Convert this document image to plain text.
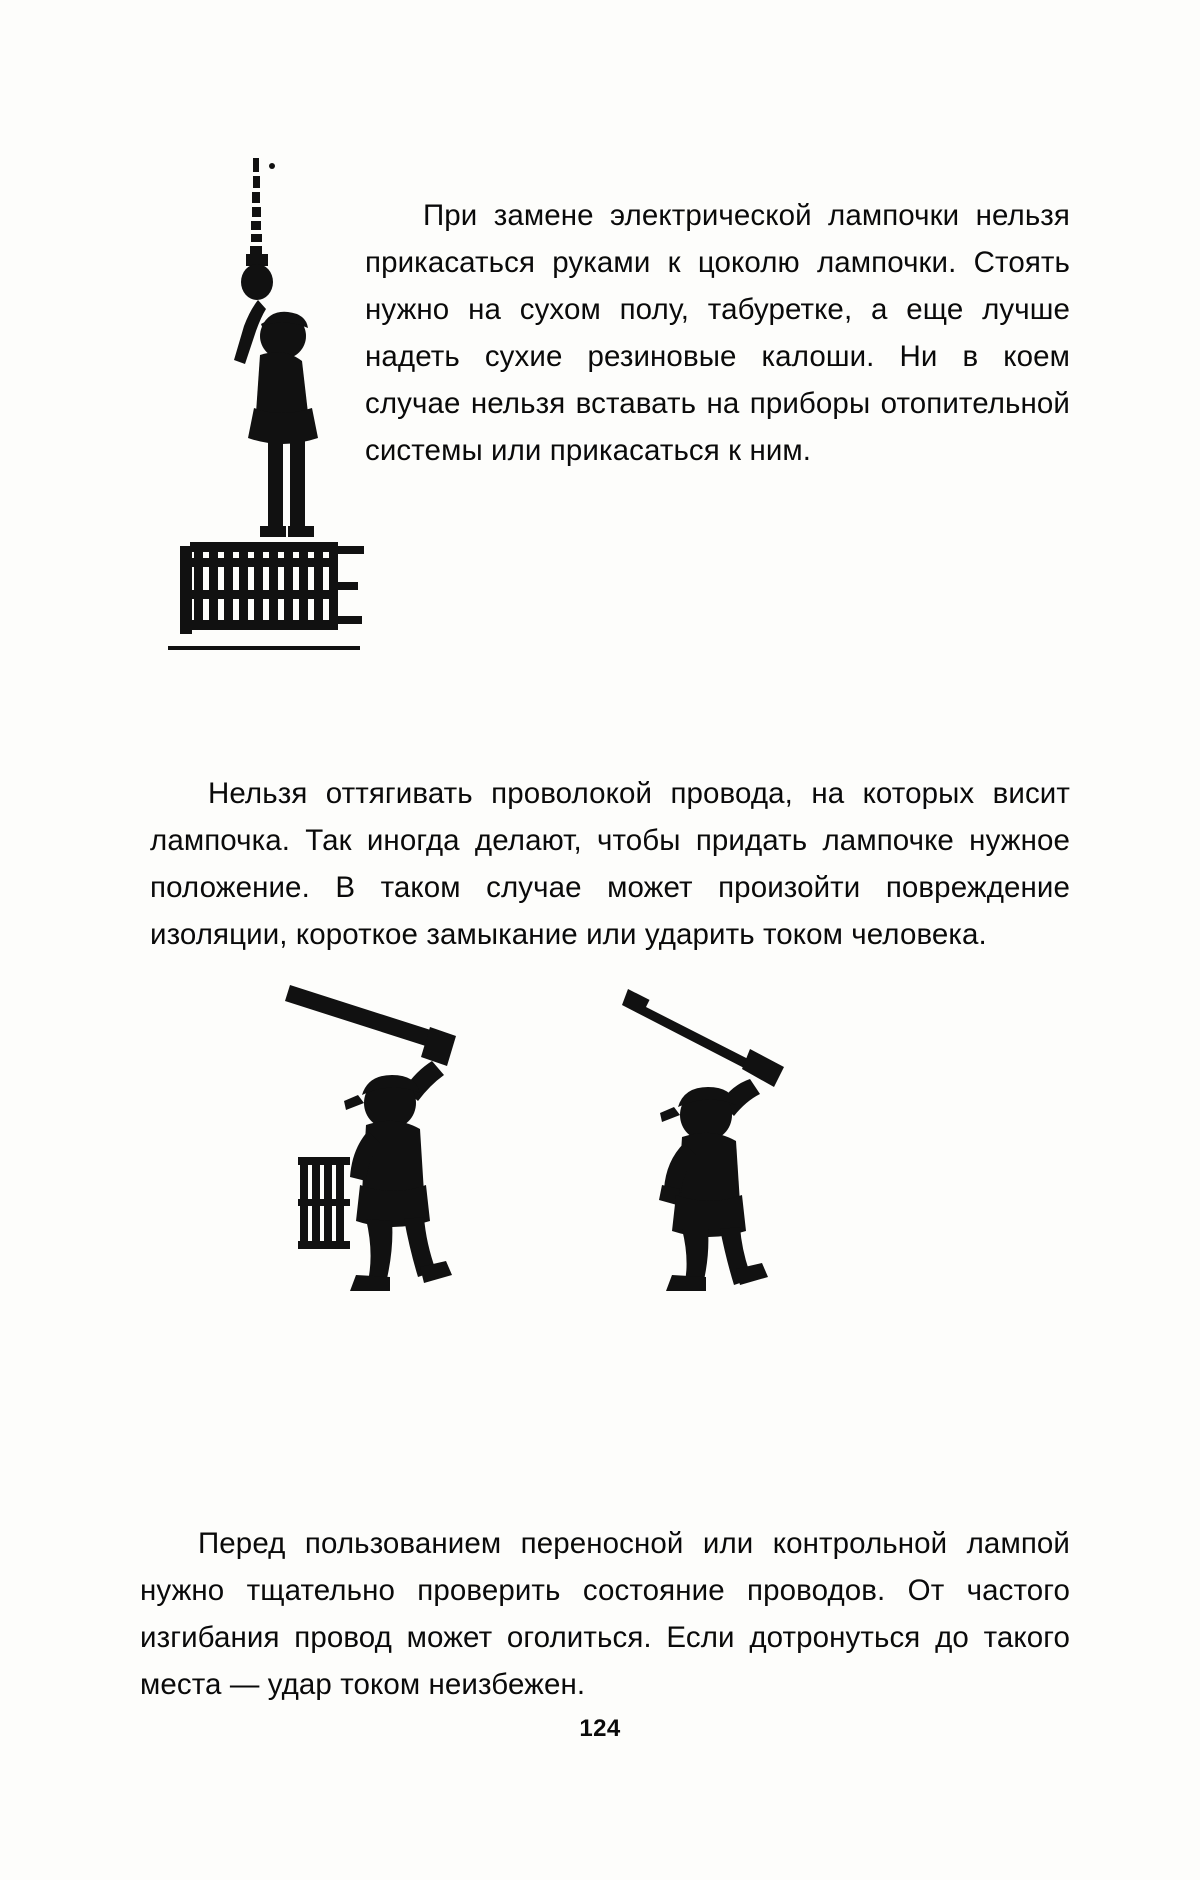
При замене электрической лампочки нельзя прикасаться руками к цоколю лампочки. Стоять нужно на сухом полу, табуретке, а еще лучше надеть сухие резиновые калоши. Ни в коем случае нельзя вставать на приборы отопительной системы или прикасаться к ним.

Нельзя оттягивать проволокой провода, на которых висит лампочка. Так иногда делают, чтобы придать лампочке нужное положение. В таком случае может произойти повреждение изоляции, короткое замыкание или ударить током человека.

Перед пользованием переносной или контрольной лампой нужно тщательно проверить состояние проводов. От частого изгибания провод может оголиться. Если дотронуться до такого места — удар током неизбежен.

124
